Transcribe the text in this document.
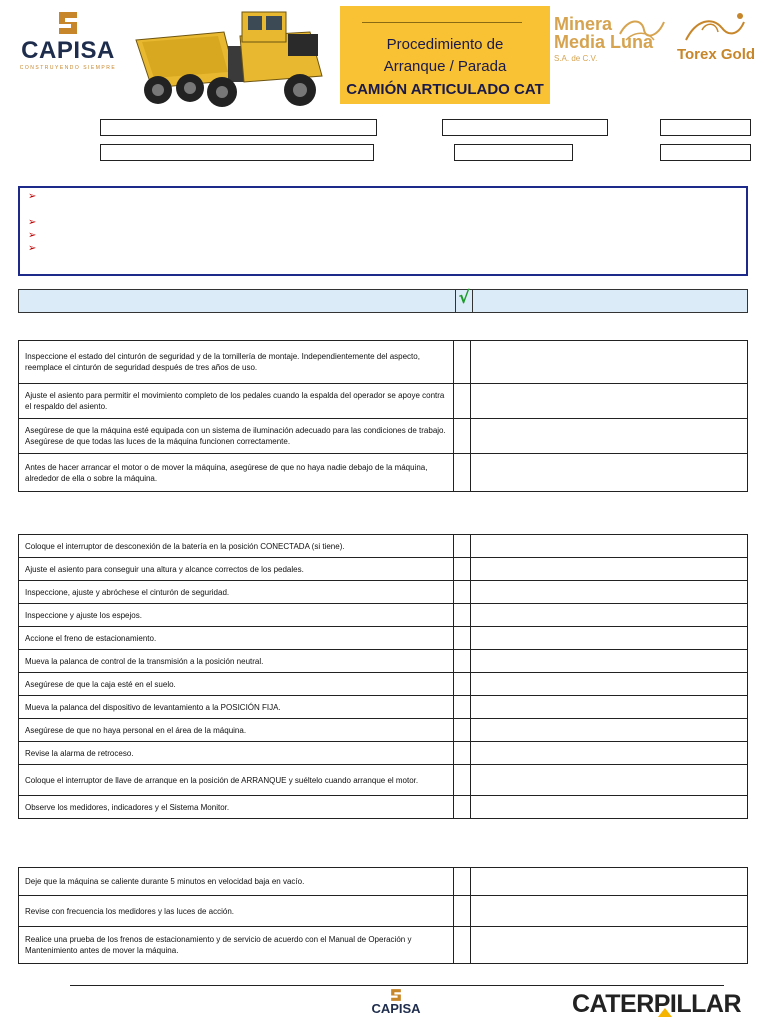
CAPISA
CONSTRUYENDO SIEMPRE
Procedimiento de
Arranque / Parada
CAMIÓN ARTICULADO CAT
Minera
Media Luna
S.A. de C.V.	Torex Gold
➢
➢
➢
➢
√
Inspeccione el estado del cinturón de seguridad y de la tornillería de montaje. Independientemente del aspecto, reemplace el cinturón de seguridad después de tres años de uso.		
Ajuste el asiento para permitir el movimiento completo de los pedales cuando la espalda del operador se apoye contra el respaldo del asiento.		
Asegúrese de que la máquina esté equipada con un sistema de iluminación adecuado para las condiciones de trabajo. Asegúrese de que todas las luces de la máquina funcionen correctamente.		
Antes de hacer arrancar el motor o de mover la máquina, asegúrese de que no haya nadie debajo de la máquina, alrededor de ella o sobre la máquina.		
Coloque el interruptor de desconexión de la batería en la posición CONECTADA (si tiene).		
Ajuste el asiento para conseguir una altura y alcance correctos de los pedales.		
Inspeccione, ajuste y abróchese el cinturón de seguridad.		
Inspeccione y ajuste los espejos.		
Accione el freno de estacionamiento.		
Mueva la palanca de control de la transmisión a la posición neutral.		
Asegúrese de que la caja esté en el suelo.		
Mueva la palanca del dispositivo de levantamiento a la POSICIÓN FIJA.		
Asegúrese de que no haya personal en el área de la máquina.		
Revise la alarma de retroceso.		
Coloque el interruptor de llave de arranque en la posición de ARRANQUE y suéltelo cuando arranque el motor.		
Observe los medidores, indicadores y el Sistema Monitor.		
Deje que la máquina se caliente durante 5 minutos en velocidad baja en vacío.		
Revise con frecuencia los medidores y las luces de acción.		
Realice una prueba de los frenos de estacionamiento y de servicio de acuerdo con el Manual de Operación y Mantenimiento antes de mover la máquina.		
CAPISA	CATERPILLAR
